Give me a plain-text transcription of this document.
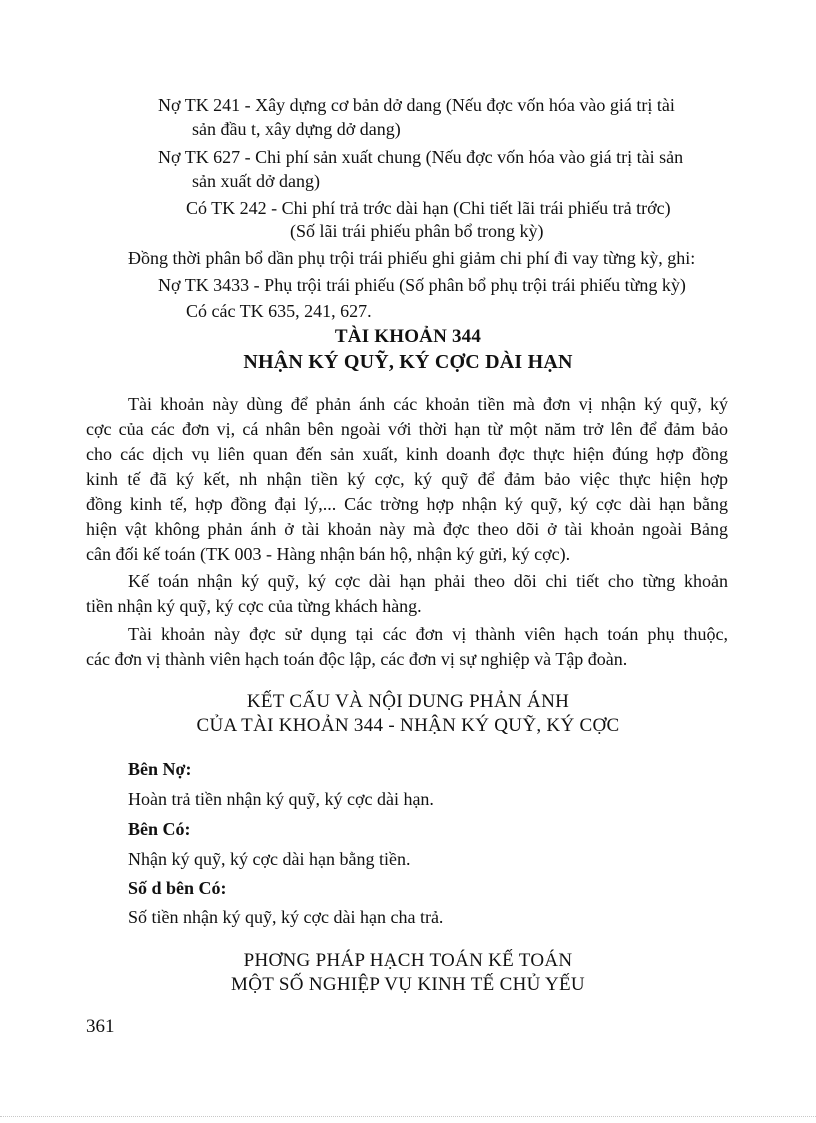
Nợ TK 241 - Xây dựng cơ bản dở dang (Nếu đợc vốn hóa vào giá trị tài
sản đầu t, xây dựng dở dang)
Nợ TK 627 - Chi phí sản xuất chung (Nếu đợc vốn hóa vào giá trị tài sản
sản xuất dở dang)
Có TK 242 - Chi phí trả trớc dài hạn (Chi tiết lãi trái phiếu trả trớc)
(Số lãi trái phiếu phân bổ trong kỳ)
Đồng thời phân bổ dần phụ trội trái phiếu ghi giảm chi phí đi vay từng kỳ, ghi:
Nợ TK 3433 - Phụ trội trái phiếu (Số phân bổ phụ trội trái phiếu từng kỳ)
Có các TK 635, 241, 627.
TÀI KHOẢN 344
NHẬN KÝ QUỸ, KÝ CỢC DÀI HẠN
Tài khoản này dùng để phản ánh các khoản tiền mà đơn vị nhận ký quỹ, ký
cợc của các đơn vị, cá nhân bên ngoài với thời hạn từ một năm trở lên để đảm bảo
cho các dịch vụ liên quan đến sản xuất, kinh doanh đợc thực hiện đúng hợp đồng
kinh tế đã ký kết, nh nhận tiền ký cợc, ký quỹ để đảm bảo việc thực hiện hợp
đồng kinh tế, hợp đồng đại lý,... Các trờng hợp nhận ký quỹ, ký cợc dài hạn bằng
hiện vật không phản ánh ở tài khoản này mà đợc theo dõi ở tài khoản ngoài Bảng
cân đối kế toán (TK 003 - Hàng nhận bán hộ, nhận ký gửi, ký cợc).
Kế toán nhận ký quỹ, ký cợc dài hạn phải theo dõi chi tiết cho từng khoản
tiền nhận ký quỹ, ký cợc của từng khách hàng.
Tài khoản này đợc sử dụng tại các đơn vị thành viên hạch toán phụ thuộc,
các đơn vị thành viên hạch toán độc lập, các đơn vị sự nghiệp và Tập đoàn.
KẾT CẤU VÀ NỘI DUNG PHẢN ÁNH
CỦA TÀI KHOẢN 344 - NHẬN KÝ QUỸ, KÝ CỢC
Bên Nợ:
Hoàn trả tiền nhận ký quỹ, ký cợc dài hạn.
Bên Có:
Nhận ký quỹ, ký cợc dài hạn bằng tiền.
Số d bên Có:
Số tiền nhận ký quỹ, ký cợc dài hạn cha trả.
PHƠNG PHÁP HẠCH TOÁN KẾ TOÁN
MỘT SỐ NGHIỆP VỤ KINH TẾ CHỦ YẾU
361
